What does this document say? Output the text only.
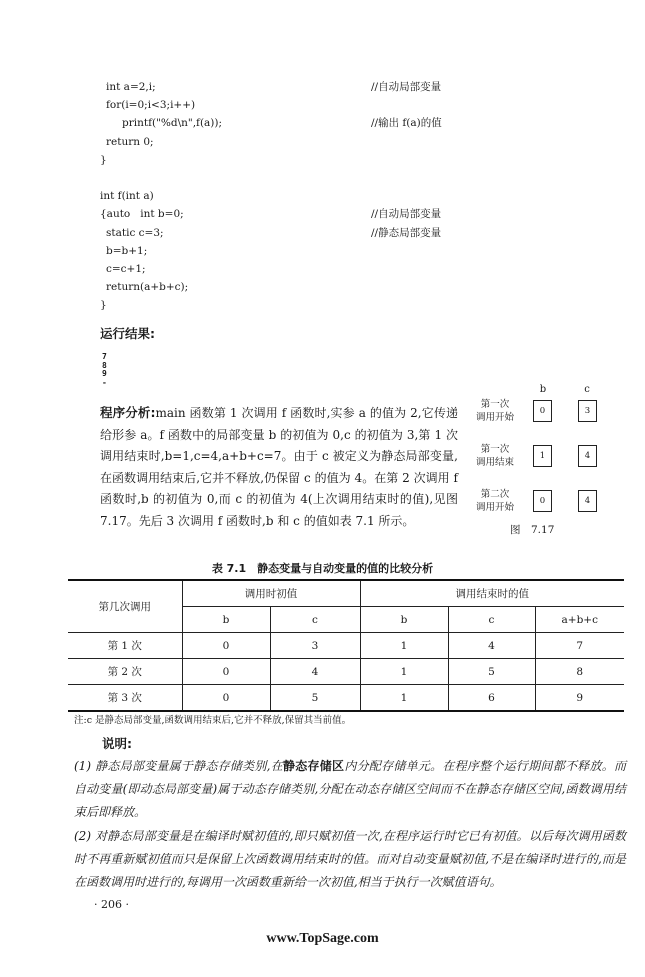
int a=2,i;	//自动局部变量
for(i=0;i<3;i++)
printf("%d\n",f(a));	//输出 f(a)的值
return 0;
}
int f(int a)
{auto   int b=0;	//自动局部变量
static c=3;	//静态局部变量
b=b+1;
c=c+1;
return(a+b+c);
}
运行结果:
7
8
9
-
程序分析:main 函数第 1 次调用 f 函数时,实参 a 的值为 2,它传递给形参 a。f 函数中的局部变量 b 的初值为 0,c 的初值为 3,第 1 次调用结束时,b=1,c=4,a+b+c=7。由于 c 被定义为静态局部变量,在函数调用结束后,它并不释放,仍保留 c 的值为 4。在第 2 次调用 f 函数时,b 的初值为 0,而 c 的初值为 4(上次调用结束时的值),见图 7.17。先后 3 次调用 f 函数时,b 和 c 的值如表 7.1 所示。
b	c
第一次
调用开始
0	3
第一次
调用结束
1	4
第二次
调用开始
0	4
图　7.17
表 7.1　静态变量与自动变量的值的比较分析
第几次调用	调用时初值		调用结束时的值		
	b	c	b	c	a+b+c
第 1 次	0	3	1	4	7
第 2 次	0	4	1	5	8
第 3 次	0	5	1	6	9
注:c 是静态局部变量,函数调用结束后,它并不释放,保留其当前值。
说明:
(1) 静态局部变量属于静态存储类别,在静态存储区内分配存储单元。在程序整个运行期间都不释放。而自动变量(即动态局部变量)属于动态存储类别,分配在动态存储区空间而不在静态存储区空间,函数调用结束后即释放。
(2) 对静态局部变量是在编译时赋初值的,即只赋初值一次,在程序运行时它已有初值。以后每次调用函数时不再重新赋初值而只是保留上次函数调用结束时的值。而对自动变量赋初值,不是在编译时进行的,而是在函数调用时进行的,每调用一次函数重新给一次初值,相当于执行一次赋值语句。
· 206 ·
www.TopSage.com
